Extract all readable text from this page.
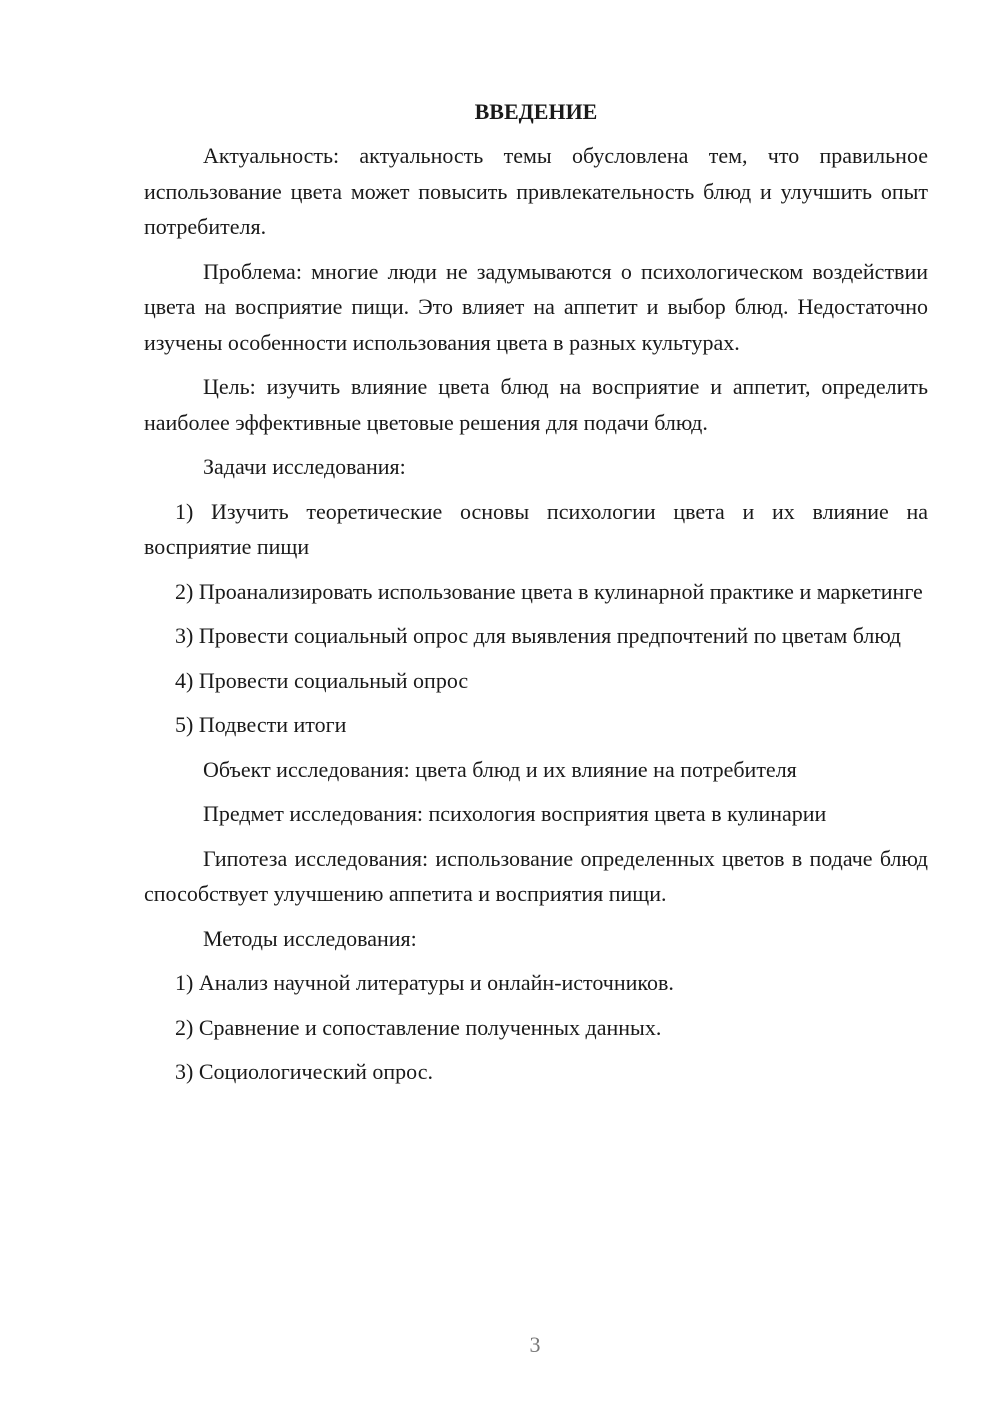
ВВЕДЕНИЕ

Актуальность: актуальность темы обусловлена тем, что правильное использование цвета может повысить привлекательность блюд и улучшить опыт потребителя.

Проблема: многие люди не задумываются о психологическом воздействии цвета на восприятие пищи. Это влияет на аппетит и выбор блюд. Недостаточно изучены особенности использования цвета в разных культурах.

Цель: изучить влияние цвета блюд на восприятие и аппетит, определить наиболее эффективные цветовые решения для подачи блюд.

Задачи исследования:

1) Изучить теоретические основы психологии цвета и их влияние на восприятие пищи

2) Проанализировать использование цвета в кулинарной практике и маркетинге

3) Провести социальный опрос для выявления предпочтений по цветам блюд

4) Провести социальный опрос

5) Подвести итоги

Объект исследования: цвета блюд и их влияние на потребителя

Предмет исследования: психология восприятия цвета в кулинарии

Гипотеза исследования: использование определенных цветов в подаче блюд способствует улучшению аппетита и восприятия пищи.

Методы исследования:

1) Анализ научной литературы и онлайн-источников.

2) Сравнение и сопоставление полученных данных.

3) Социологический опрос.

3
